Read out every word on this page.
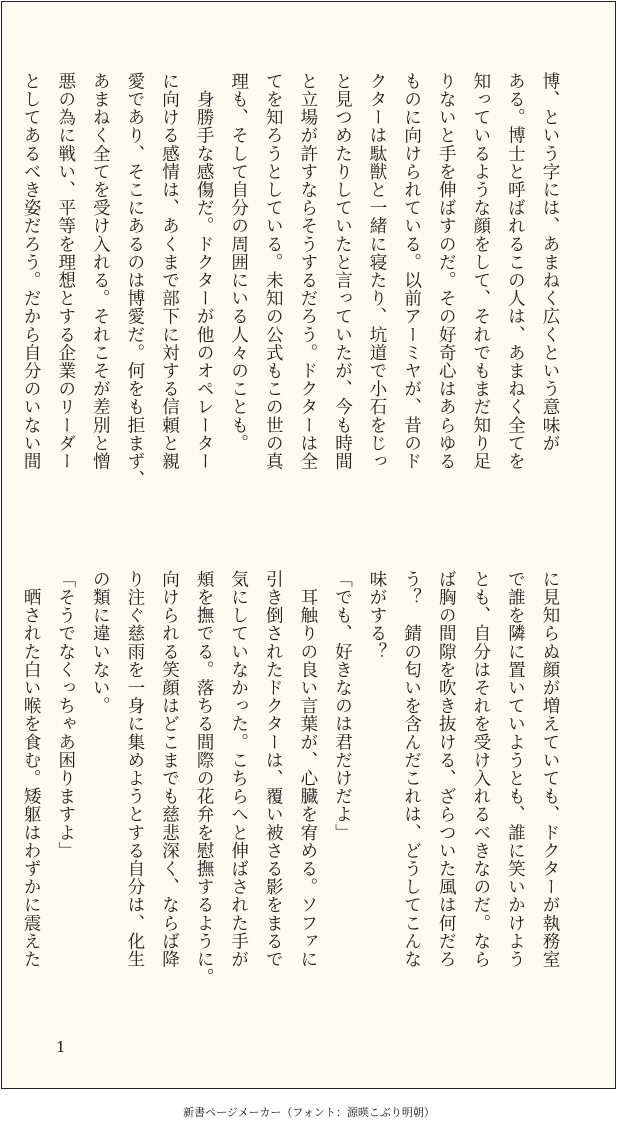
博、という字には、あまねく広くという意味が
ある。博士と呼ばれるこの人は、あまねく全てを
知っているような顔をして、それでもまだ知り足
りないと手を伸ばすのだ。その好奇心はあらゆる
ものに向けられている。以前アーミヤが、昔のド
クターは駄獣と一緒に寝たり、坑道で小石をじっ
と見つめたりしていたと言っていたが、今も時間
と立場が許すならそうするだろう。ドクターは全
てを知ろうとしている。未知の公式もこの世の真
理も、そして自分の周囲にいる人々のことも。
　身勝手な感傷だ。ドクターが他のオペレーター
に向ける感情は、あくまで部下に対する信頼と親
愛であり、そこにあるのは博愛だ。何をも拒まず、
あまねく全てを受け入れる。それこそが差別と憎
悪の為に戦い、平等を理想とする企業のリーダー
としてあるべき姿だろう。だから自分のいない間
に見知らぬ顔が増えていても、ドクターが執務室
で誰を隣に置いていようとも、誰に笑いかけよう
とも、自分はそれを受け入れるべきなのだ。なら
ば胸の間隙を吹き抜ける、ざらついた風は何だろ
う？　錆の匂いを含んだこれは、どうしてこんな
味がする？
「でも、好きなのは君だけだよ」
　耳触りの良い言葉が、心臓を宥める。ソファに
引き倒されたドクターは、覆い被さる影をまるで
気にしていなかった。こちらへと伸ばされた手が
頬を撫でる。落ちる間際の花弁を慰撫するように。
向けられる笑顔はどこまでも慈悲深く、ならば降
り注ぐ慈雨を一身に集めようとする自分は、化生
の類に違いない。
「そうでなくっちゃあ困りますよ」
　晒された白い喉を食む。矮躯はわずかに震えた
1
新書ページメーカー（フォント：源暎こぶり明朝）
